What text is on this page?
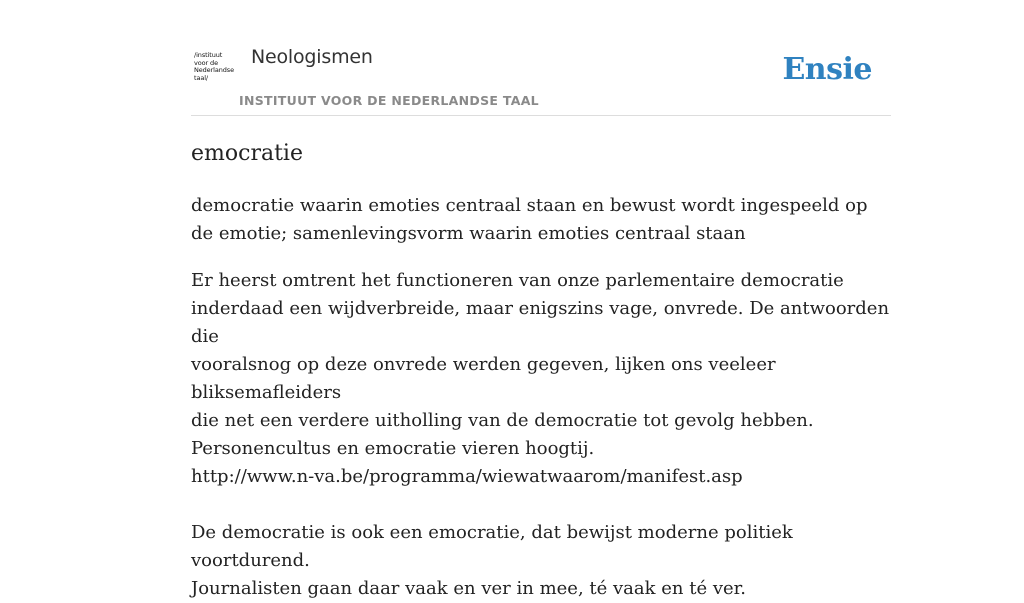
/instituut
voor de
Nederlandse
taal/
Neologismen
INSTITUUT VOOR DE NEDERLANDSE TAAL
Ensie
emocratie

democratie waarin emoties centraal staan en bewust wordt ingespeeld op de emotie; samenlevingsvorm waarin emoties centraal staan

Er heerst omtrent het functioneren van onze parlementaire democratie
inderdaad een wijdverbreide, maar enigszins vage, onvrede. De antwoorden die
vooralsnog op deze onvrede werden gegeven, lijken ons veeleer bliksemafleiders
die net een verdere uitholling van de democratie tot gevolg hebben.
Personencultus en emocratie vieren hoogtij.
http://www.n-va.be/programma/wiewatwaarom/manifest.asp
De democratie is ook een emocratie, dat bewijst moderne politiek voortdurend.
Journalisten gaan daar vaak en ver in mee, té vaak en té ver.
